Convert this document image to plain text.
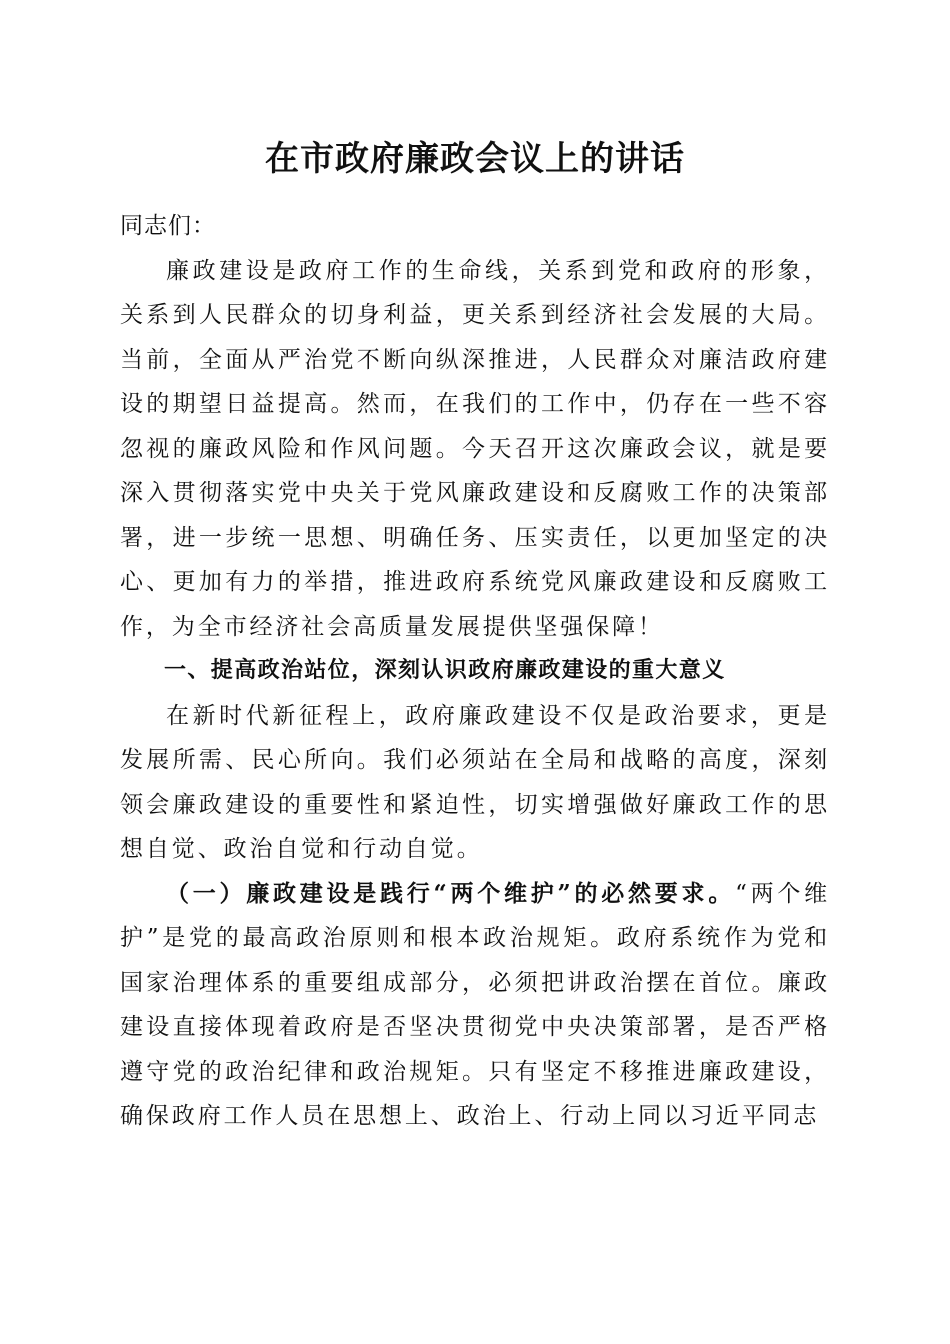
在市政府廉政会议上的讲话

同志们：

廉政建设是政府工作的生命线，关系到党和政府的形象，关系到人民群众的切身利益，更关系到经济社会发展的大局。当前，全面从严治党不断向纵深推进，人民群众对廉洁政府建设的期望日益提高。然而，在我们的工作中，仍存在一些不容忽视的廉政风险和作风问题。今天召开这次廉政会议，就是要深入贯彻落实党中央关于党风廉政建设和反腐败工作的决策部署，进一步统一思想、明确任务、压实责任，以更加坚定的决心、更加有力的举措，推进政府系统党风廉政建设和反腐败工作，为全市经济社会高质量发展提供坚强保障！

一、提高政治站位，深刻认识政府廉政建设的重大意义

在新时代新征程上，政府廉政建设不仅是政治要求，更是发展所需、民心所向。我们必须站在全局和战略的高度，深刻领会廉政建设的重要性和紧迫性，切实增强做好廉政工作的思想自觉、政治自觉和行动自觉。

（一）廉政建设是践行“两个维护”的必然要求。“两个维护”是党的最高政治原则和根本政治规矩。政府系统作为党和国家治理体系的重要组成部分，必须把讲政治摆在首位。廉政建设直接体现着政府是否坚决贯彻党中央决策部署，是否严格遵守党的政治纪律和政治规矩。只有坚定不移推进廉政建设，确保政府工作人员在思想上、政治上、行动上同以习近平同志
